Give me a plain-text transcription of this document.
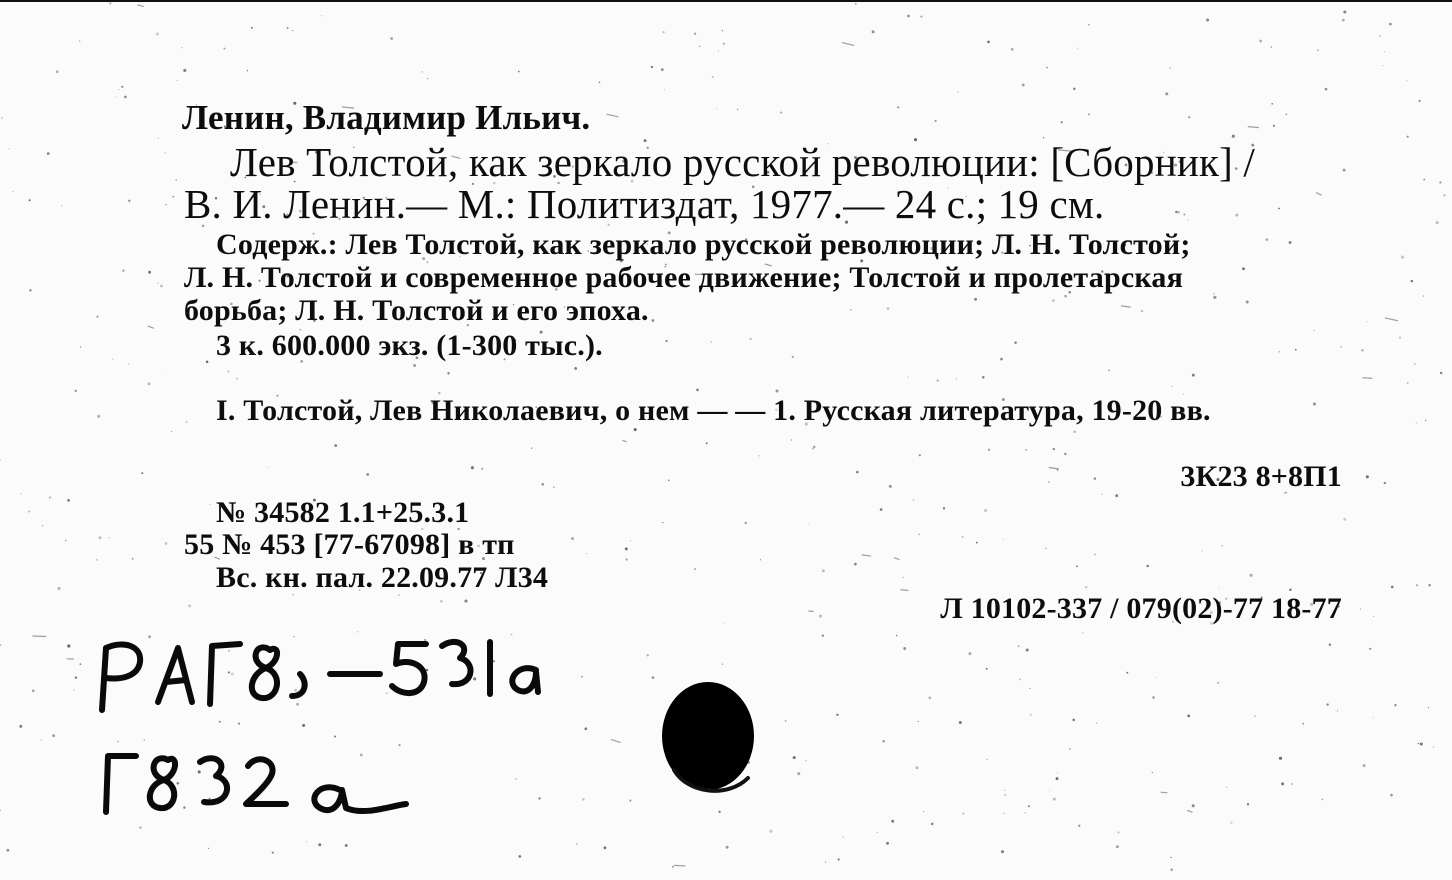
Ленин, Владимир Ильич.
Лев Толстой, как зеркало русской революции: [Сборник] /
В. И. Ленин.— М.: Политиздат, 1977.— 24 с.; 19 см.
Содерж.: Лев Толстой, как зеркало русской революции; Л. Н. Толстой;
Л. Н. Толстой и современное рабочее движение; Толстой и пролетарская
борьба; Л. Н. Толстой и его эпоха.
3 к. 600.000 экз. (1-300 тыс.).
I. Толстой, Лев Николаевич, о нем — — 1. Русская литература, 19-20 вв.
3К23 8+8П1
№ 34582 1.1+25.3.1
55 № 453 [77-67098] в тп
Вс. кн. пал. 22.09.77 Л34
Л 10102-337 / 079(02)-77 18-77
